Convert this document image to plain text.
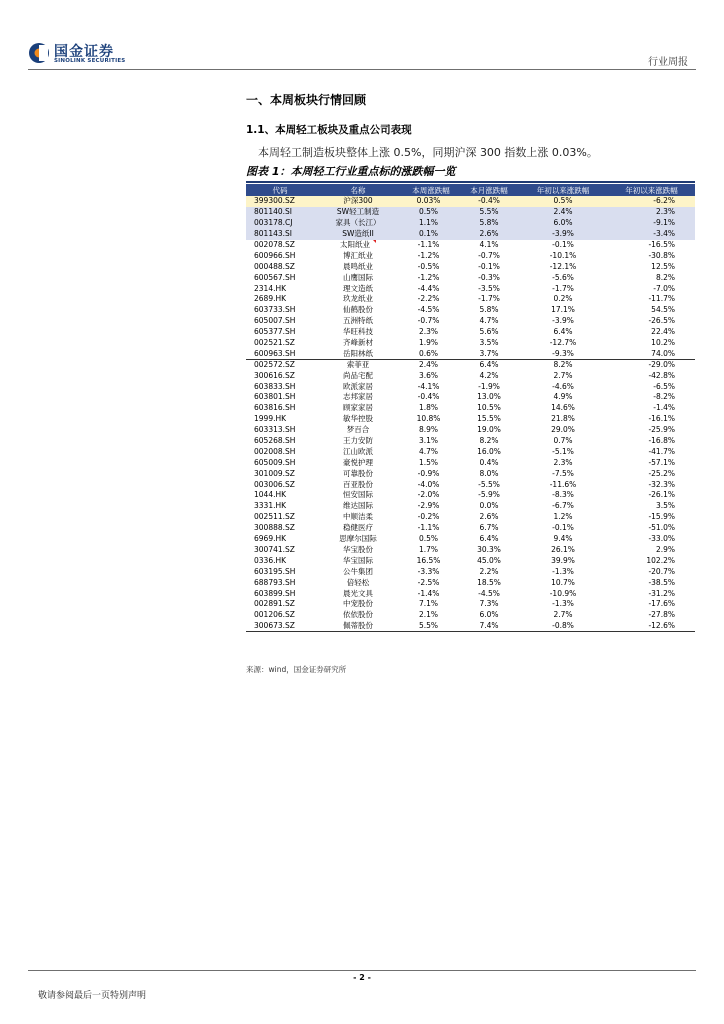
国金证券
SINOLINK SECURITIES	行业周报
一、本周板块行情回顾
1.1、本周轻工板块及重点公司表现
本周轻工制造板块整体上涨 0.5%，同期沪深 300 指数上涨 0.03%。
图表 1：本周轻工行业重点标的涨跌幅一览
代码	名称	本周涨跌幅	本月涨跌幅	年初以来涨跌幅	年初以来涨跌幅
399300.SZ	沪深300	0.03%	-0.4%	0.5%	-6.2%
801140.SI	SW轻工制造	0.5%	5.5%	2.4%	2.3%
003178.CJ	家具（长江）	1.1%	5.8%	6.0%	-9.1%
801143.SI	SW造纸II	0.1%	2.6%	-3.9%	-3.4%
002078.SZ	太阳纸业	-1.1%	4.1%	-0.1%	-16.5%
600966.SH	博汇纸业	-1.2%	-0.7%	-10.1%	-30.8%
000488.SZ	晨鸣纸业	-0.5%	-0.1%	-12.1%	12.5%
600567.SH	山鹰国际	-1.2%	-0.3%	-5.6%	8.2%
2314.HK	理文造纸	-4.4%	-3.5%	-1.7%	-7.0%
2689.HK	玖龙纸业	-2.2%	-1.7%	0.2%	-11.7%
603733.SH	仙鹤股份	-4.5%	5.8%	17.1%	54.5%
605007.SH	五洲特纸	-0.7%	4.7%	-3.9%	-26.5%
605377.SH	华旺科技	2.3%	5.6%	6.4%	22.4%
002521.SZ	齐峰新材	1.9%	3.5%	-12.7%	10.2%
600963.SH	岳阳林纸	0.6%	3.7%	-9.3%	74.0%
002572.SZ	索菲亚	2.4%	6.4%	8.2%	-29.0%
300616.SZ	尚品宅配	3.6%	4.2%	2.7%	-42.8%
603833.SH	欧派家居	-4.1%	-1.9%	-4.6%	-6.5%
603801.SH	志邦家居	-0.4%	13.0%	4.9%	-8.2%
603816.SH	顾家家居	1.8%	10.5%	14.6%	-1.4%
1999.HK	敏华控股	10.8%	15.5%	21.8%	-16.1%
603313.SH	梦百合	8.9%	19.0%	29.0%	-25.9%
605268.SH	王力安防	3.1%	8.2%	0.7%	-16.8%
002008.SH	江山欧派	4.7%	16.0%	-5.1%	-41.7%
605009.SH	豪悦护理	1.5%	0.4%	2.3%	-57.1%
301009.SZ	可靠股份	-0.9%	8.0%	-7.5%	-25.2%
003006.SZ	百亚股份	-4.0%	-5.5%	-11.6%	-32.3%
1044.HK	恒安国际	-2.0%	-5.9%	-8.3%	-26.1%
3331.HK	维达国际	-2.9%	0.0%	-6.7%	3.5%
002511.SZ	中顺洁柔	-0.2%	2.6%	1.2%	-15.9%
300888.SZ	稳健医疗	-1.1%	6.7%	-0.1%	-51.0%
6969.HK	思摩尔国际	0.5%	6.4%	9.4%	-33.0%
300741.SZ	华宝股份	1.7%	30.3%	26.1%	2.9%
0336.HK	华宝国际	16.5%	45.0%	39.9%	102.2%
603195.SH	公牛集团	-3.3%	2.2%	-1.3%	-20.7%
688793.SH	倍轻松	-2.5%	18.5%	10.7%	-38.5%
603899.SH	晨光文具	-1.4%	-4.5%	-10.9%	-31.2%
002891.SZ	中宠股份	7.1%	7.3%	-1.3%	-17.6%
001206.SZ	依依股份	2.1%	6.0%	2.7%	-27.8%
300673.SZ	佩蒂股份	5.5%	7.4%	-0.8%	-12.6%
来源：wind，国金证券研究所
- 2 -
敬请参阅最后一页特别声明
